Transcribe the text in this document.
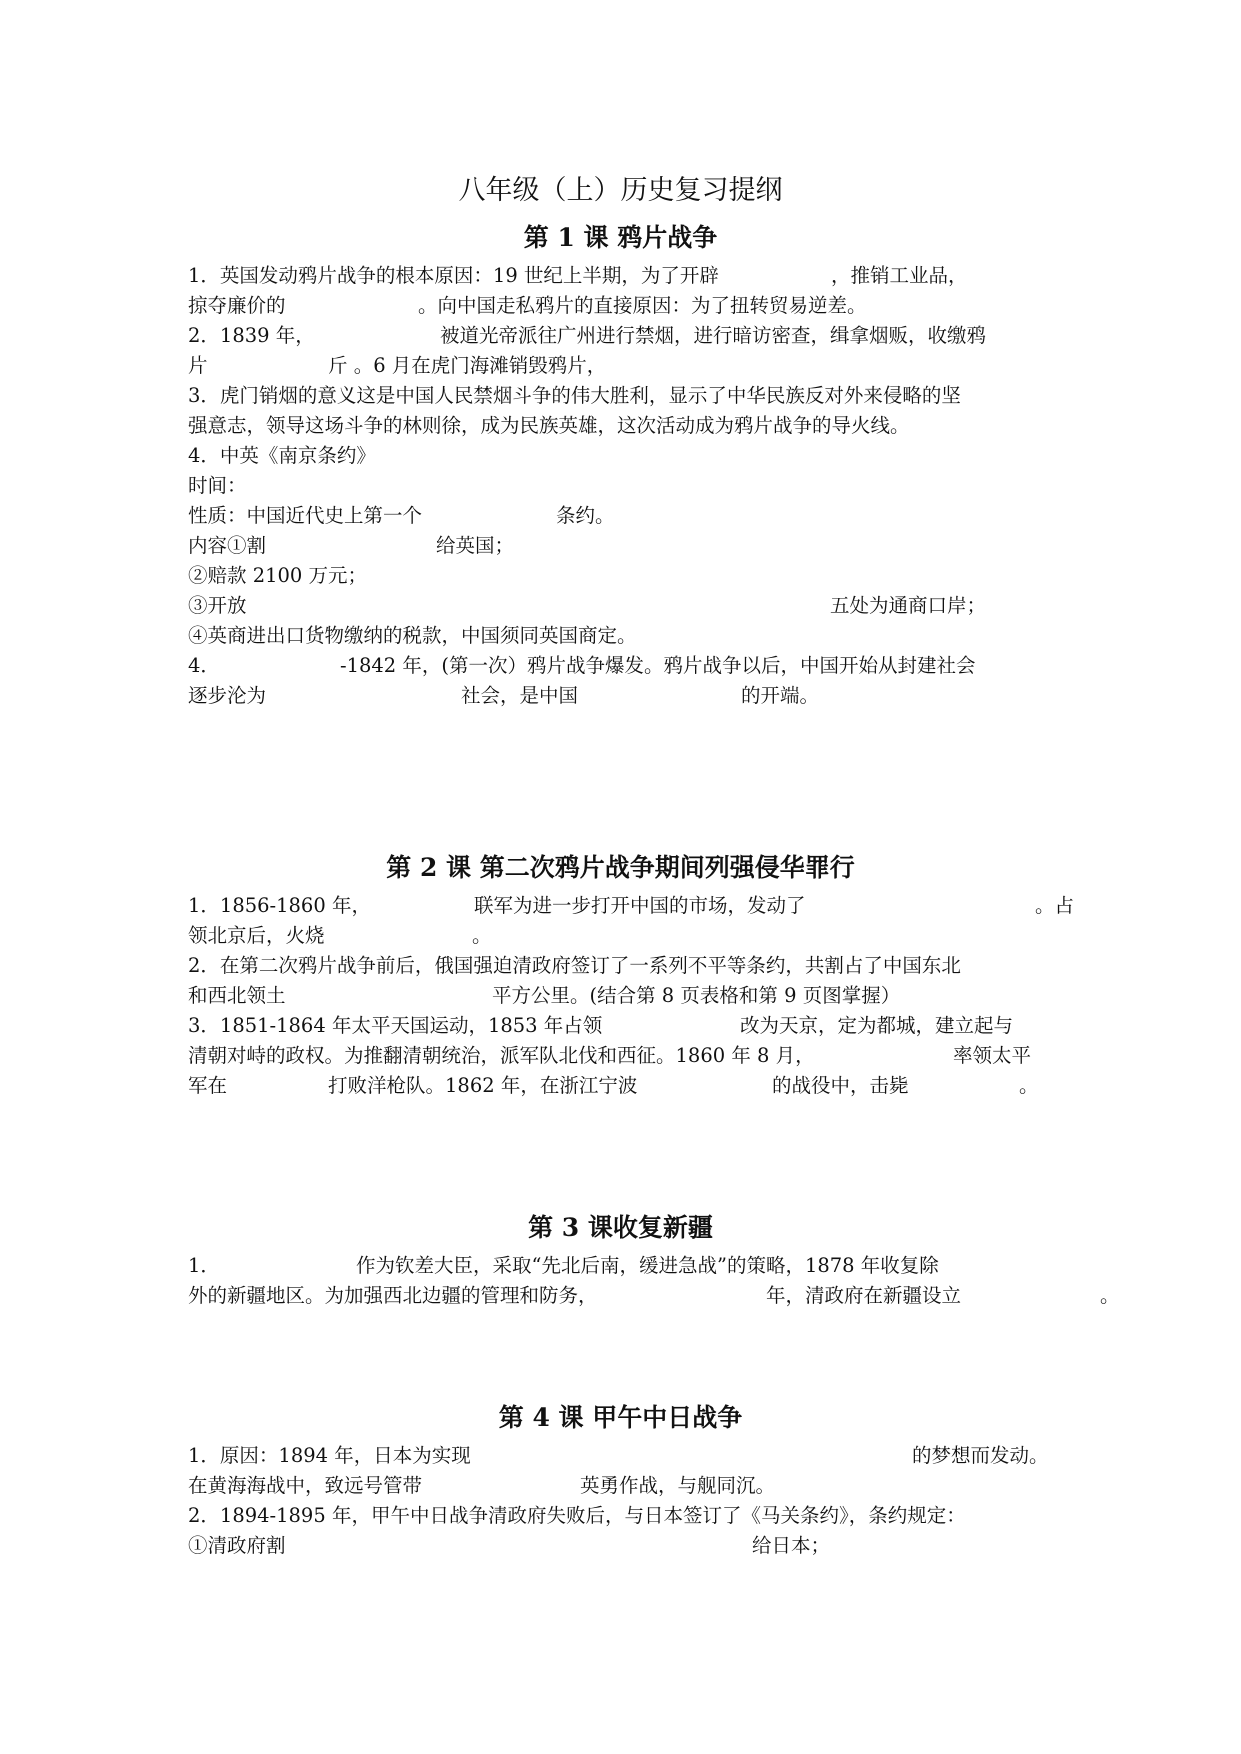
八年级（上）历史复习提纲
第 1 课 鸦片战争
1．英国发动鸦片战争的根本原因：19 世纪上半期，为了开辟	，推销工业品，
掠夺廉价的	。向中国走私鸦片的直接原因：为了扭转贸易逆差。
2．1839 年，	被道光帝派往广州进行禁烟，进行暗访密查，缉拿烟贩，收缴鸦
片	斤 。6 月在虎门海滩销毁鸦片，
3．虎门销烟的意义这是中国人民禁烟斗争的伟大胜利，显示了中华民族反对外来侵略的坚
强意志，领导这场斗争的林则徐，成为民族英雄，这次活动成为鸦片战争的导火线。
4．中英《南京条约》
时间：
性质：中国近代史上第一个	条约。
内容①割	给英国；
②赔款 2100 万元；
③开放	五处为通商口岸；
④英商进出口货物缴纳的税款，中国须同英国商定。
4．	-1842 年，(第一次）鸦片战争爆发。鸦片战争以后，中国开始从封建社会
逐步沦为	社会，是中国	的开端。
第 2 课 第二次鸦片战争期间列强侵华罪行
1．1856-1860 年，	联军为进一步打开中国的市场，发动了	。占
领北京后，火烧	。
2．在第二次鸦片战争前后，俄国强迫清政府签订了一系列不平等条约，共割占了中国东北
和西北领土	平方公里。(结合第 8 页表格和第 9 页图掌握）
3．1851-1864 年太平天国运动，1853 年占领	改为天京，定为都城，建立起与
清朝对峙的政权。为推翻清朝统治，派军队北伐和西征。1860 年 8 月，	率领太平
军在	打败洋枪队。1862 年，在浙江宁波	的战役中，击毙	。
第 3 课收复新疆
1．	作为钦差大臣，采取“先北后南，缓进急战”的策略，1878 年收复除
外的新疆地区。为加强西北边疆的管理和防务，	年，清政府在新疆设立	。
第 4 课 甲午中日战争
1．原因：1894 年，日本为实现	的梦想而发动。
在黄海海战中，致远号管带	英勇作战，与舰同沉。
2．1894-1895 年，甲午中日战争清政府失败后，与日本签订了《马关条约》，条约规定：
①清政府割	给日本；
